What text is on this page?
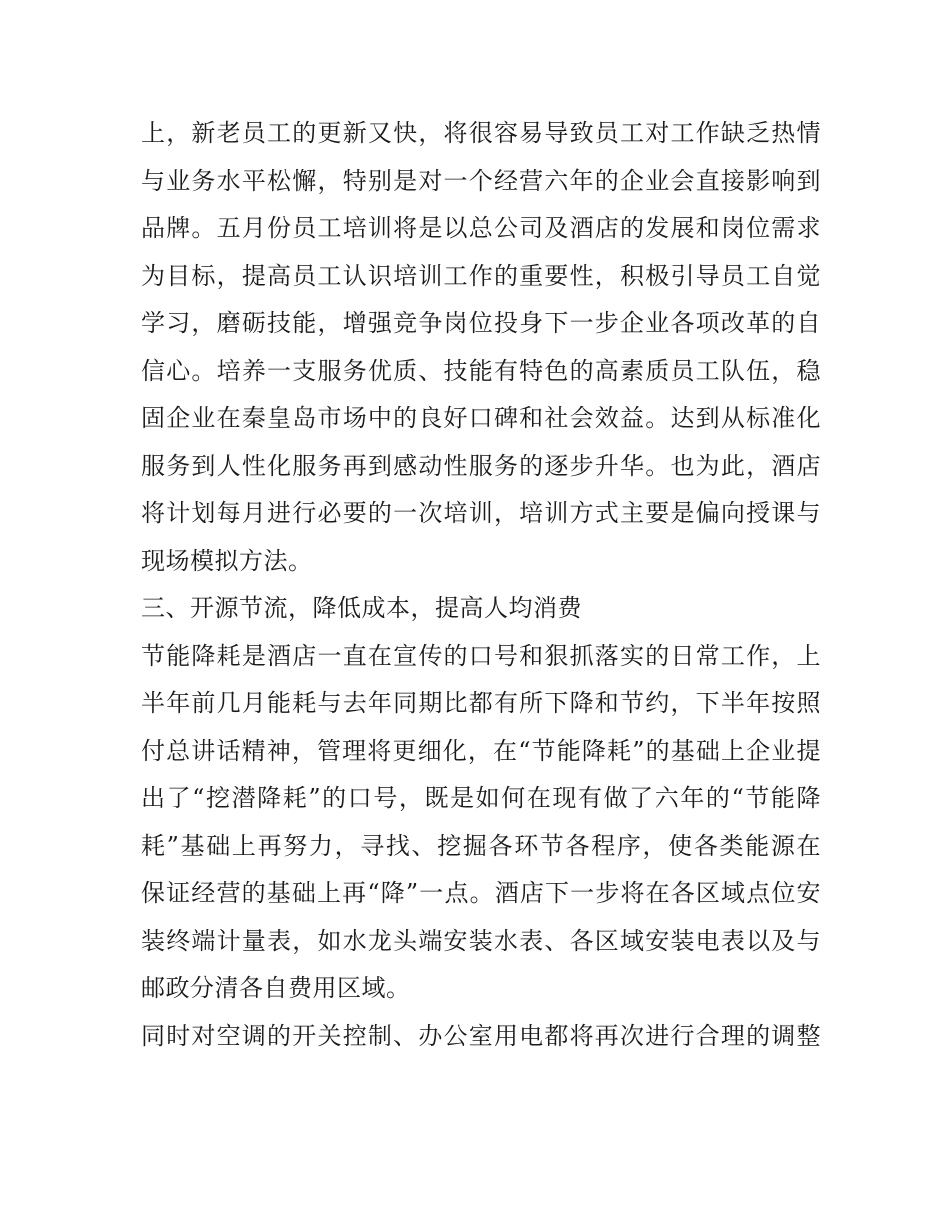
上，新老员工的更新又快，将很容易导致员工对工作缺乏热情
与业务水平松懈，特别是对一个经营六年的企业会直接影响到
品牌。五月份员工培训将是以总公司及酒店的发展和岗位需求
为目标，提高员工认识培训工作的重要性，积极引导员工自觉
学习，磨砺技能，增强竞争岗位投身下一步企业各项改革的自
信心。培养一支服务优质、技能有特色的高素质员工队伍，稳
固企业在秦皇岛市场中的良好口碑和社会效益。达到从标准化
服务到人性化服务再到感动性服务的逐步升华。也为此，酒店
将计划每月进行必要的一次培训，培训方式主要是偏向授课与
现场模拟方法。
三、开源节流，降低成本，提高人均消费
节能降耗是酒店一直在宣传的口号和狠抓落实的日常工作，上
半年前几月能耗与去年同期比都有所下降和节约，下半年按照
付总讲话精神，管理将更细化，在“节能降耗”的基础上企业提
出了“挖潜降耗”的口号，既是如何在现有做了六年的“节能降
耗”基础上再努力，寻找、挖掘各环节各程序，使各类能源在
保证经营的基础上再“降”一点。酒店下一步将在各区域点位安
装终端计量表，如水龙头端安装水表、各区域安装电表以及与
邮政分清各自费用区域。
同时对空调的开关控制、办公室用电都将再次进行合理的调整
